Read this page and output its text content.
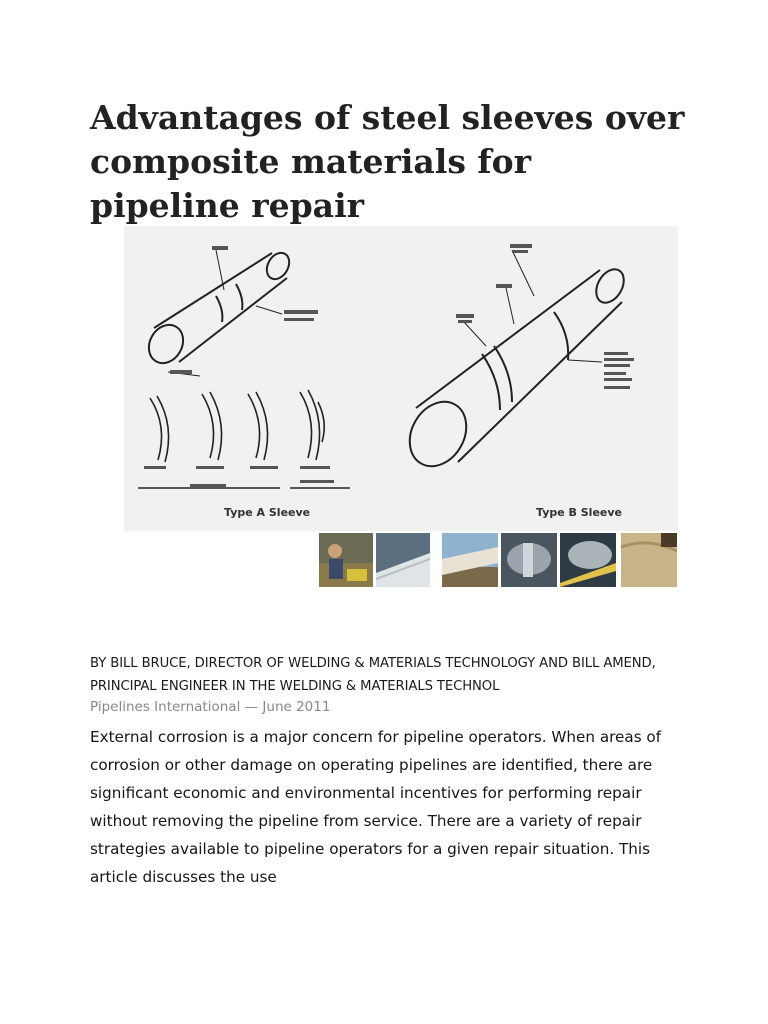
Advantages of steel sleeves over composite materials for pipeline repair
Type A Sleeve	Type B Sleeve
BY BILL BRUCE, DIRECTOR OF WELDING & MATERIALS TECHNOLOGY AND BILL AMEND, PRINCIPAL ENGINEER IN THE WELDING & MATERIALS TECHNOL
Pipelines International — June 2011

External corrosion is a major concern for pipeline operators. When areas of corrosion or other damage on operating pipelines are identified, there are significant economic and environmental incentives for performing repair without removing the pipeline from service. There are a variety of repair strategies available to pipeline operators for a given repair situation. This article discusses the use
